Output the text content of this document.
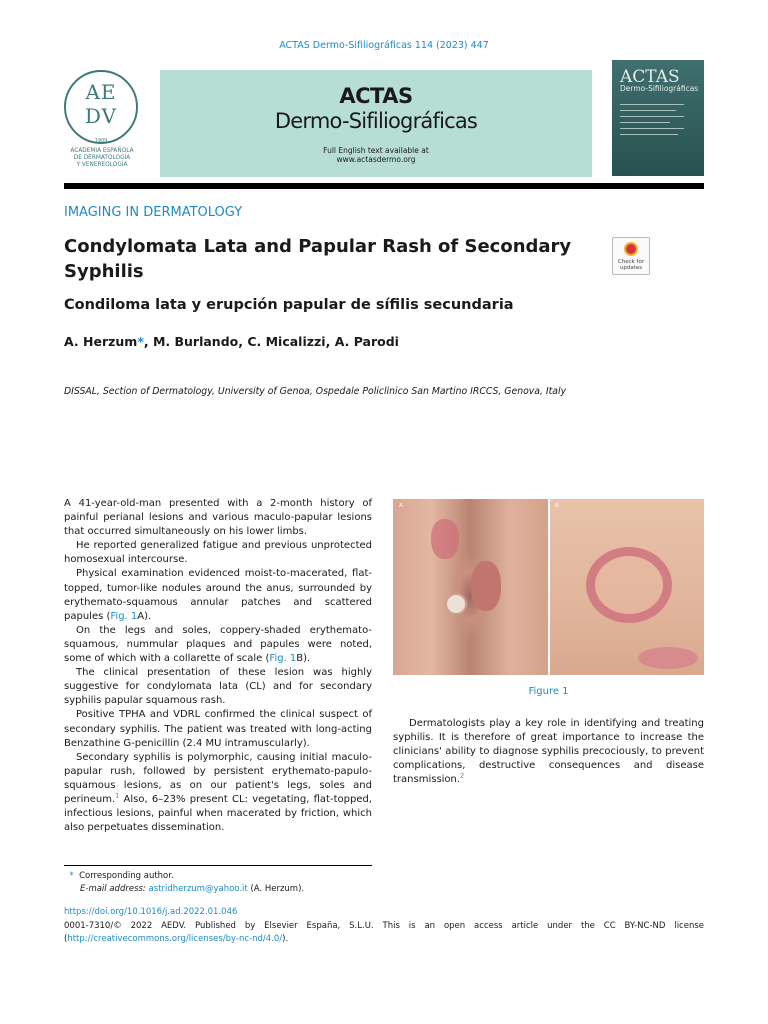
ACTAS Dermo-Sifiliográficas 114 (2023) 447
AE
DV
1909
ACADEMIA ESPAÑOLA
DE DERMATOLOGÍA
Y VENEREOLOGÍA
ACTAS
Dermo-Sifiliográficas
Full English text available at
www.actasdermo.org
ACTAS
Dermo-Sifiliográficas
IMAGING IN DERMATOLOGY
Condylomata Lata and Papular Rash of Secondary
Syphilis	Check for
updates
Condiloma lata y erupción papular de sífilis secundaria
A. Herzum*, M. Burlando, C. Micalizzi, A. Parodi
DISSAL, Section of Dermatology, University of Genoa, Ospedale Policlinico San Martino IRCCS, Genova, Italy

A 41-year-old-man presented with a 2-month history of painful perianal lesions and various maculo-papular lesions that occurred simultaneously on his lower limbs.

He reported generalized fatigue and previous unprotected homosexual intercourse.

Physical examination evidenced moist-to-macerated, flat-topped, tumor-like nodules around the anus, surrounded by erythemato-squamous annular patches and scattered papules (Fig. 1A).

On the legs and soles, coppery-shaded erythemato-squamous, nummular plaques and papules were noted, some of which with a collarette of scale (Fig. 1B).

The clinical presentation of these lesion was highly suggestive for condylomata lata (CL) and for secondary syphilis papular squamous rash.

Positive TPHA and VDRL confirmed the clinical suspect of secondary syphilis. The patient was treated with long-acting Benzathine G-penicillin (2.4 MU intramuscularly).

Secondary syphilis is polymorphic, causing initial maculo-papular rush, followed by persistent erythemato-papulo-squamous lesions, as on our patient's legs, soles and perineum.$^1$ Also, 6–23% present CL: vegetating, flat-topped, infectious lesions, painful when macerated by friction, which also perpetuates dissemination.

A	B
Figure 1

Dermatologists play a key role in identifying and treating syphilis. It is therefore of great importance to increase the clinicians' ability to diagnose syphilis precociously, to prevent complications, destructive consequences and disease transmission.$^2$

* Corresponding author.
E-mail address: astridherzum@yahoo.it (A. Herzum).
https://doi.org/10.1016/j.ad.2022.01.046
0001-7310/© 2022 AEDV. Published by Elsevier España, S.L.U. This is an open access article under the CC BY-NC-ND license (http://creativecommons.org/licenses/by-nc-nd/4.0/).
